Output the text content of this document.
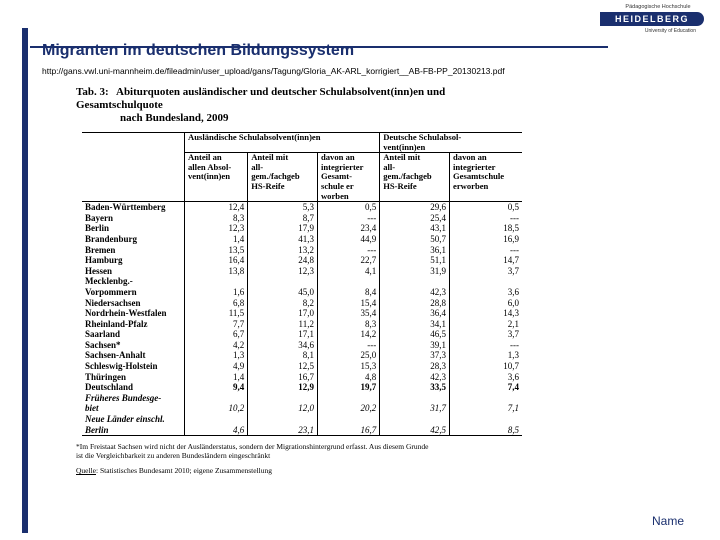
Migranten im deutschen Bildungssystem
http://gans.vwl.uni-mannheim.de/fileadmin/user_upload/gans/Tagung/Gloria_AK-ARL_korrigiert__AB-FB-PP_20130213.pdf
Pädagogische Hochschule
HEIDELBERG
University of Education
Tab. 3: Abiturquoten ausländischer und deutscher Schulabsolvent(inn)en und Gesamtschulquote
nach Bundesland, 2009
	Ausländische Schulabsolvent(inn)en			Deutsche Schulabsol-
vent(inn)en	
	Anteil an
allen Absol-
vent(inn)en	Anteil mit
all-
gem./fachgeb
HS-Reife	davon an
integrierter
Gesamt-
schule er
worben	Anteil mit
all-
gem./fachgeb
HS-Reife	davon an
integrierter
Gesamtschule
erworben
Baden-Württemberg	12,4	5,3	0,5	29,6	0,5
Bayern	8,3	8,7	---	25,4	---
Berlin	12,3	17,9	23,4	43,1	18,5
Brandenburg	1,4	41,3	44,9	50,7	16,9
Bremen	13,5	13,2	---	36,1	---
Hamburg	16,4	24,8	22,7	51,1	14,7
Hessen	13,8	12,3	4,1	31,9	3,7
Mecklenbg.-					
Vorpommern	1,6	45,0	8,4	42,3	3,6
Niedersachsen	6,8	8,2	15,4	28,8	6,0
Nordrhein-Westfalen	11,5	17,0	35,4	36,4	14,3
Rheinland-Pfalz	7,7	11,2	8,3	34,1	2,1
Saarland	6,7	17,1	14,2	46,5	3,7
Sachsen*	4,2	34,6	---	39,1	---
Sachsen-Anhalt	1,3	8,1	25,0	37,3	1,3
Schleswig-Holstein	4,9	12,5	15,3	28,3	10,7
Thüringen	1,4	16,7	4,8	42,3	3,6
Deutschland	9,4	12,9	19,7	33,5	7,4
Früheres Bundesge-					
biet	10,2	12,0	20,2	31,7	7,1
Neue Länder einschl.					
Berlin	4,6	23,1	16,7	42,5	8,5
*Im Freistaat Sachsen wird nicht der Ausländerstatus, sondern der Migrationshintergrund erfasst. Aus diesem Grunde
ist die Vergleichbarkeit zu anderen Bundesländern eingeschränkt
Quelle: Statistisches Bundesamt 2010; eigene Zusammenstellung
Name
